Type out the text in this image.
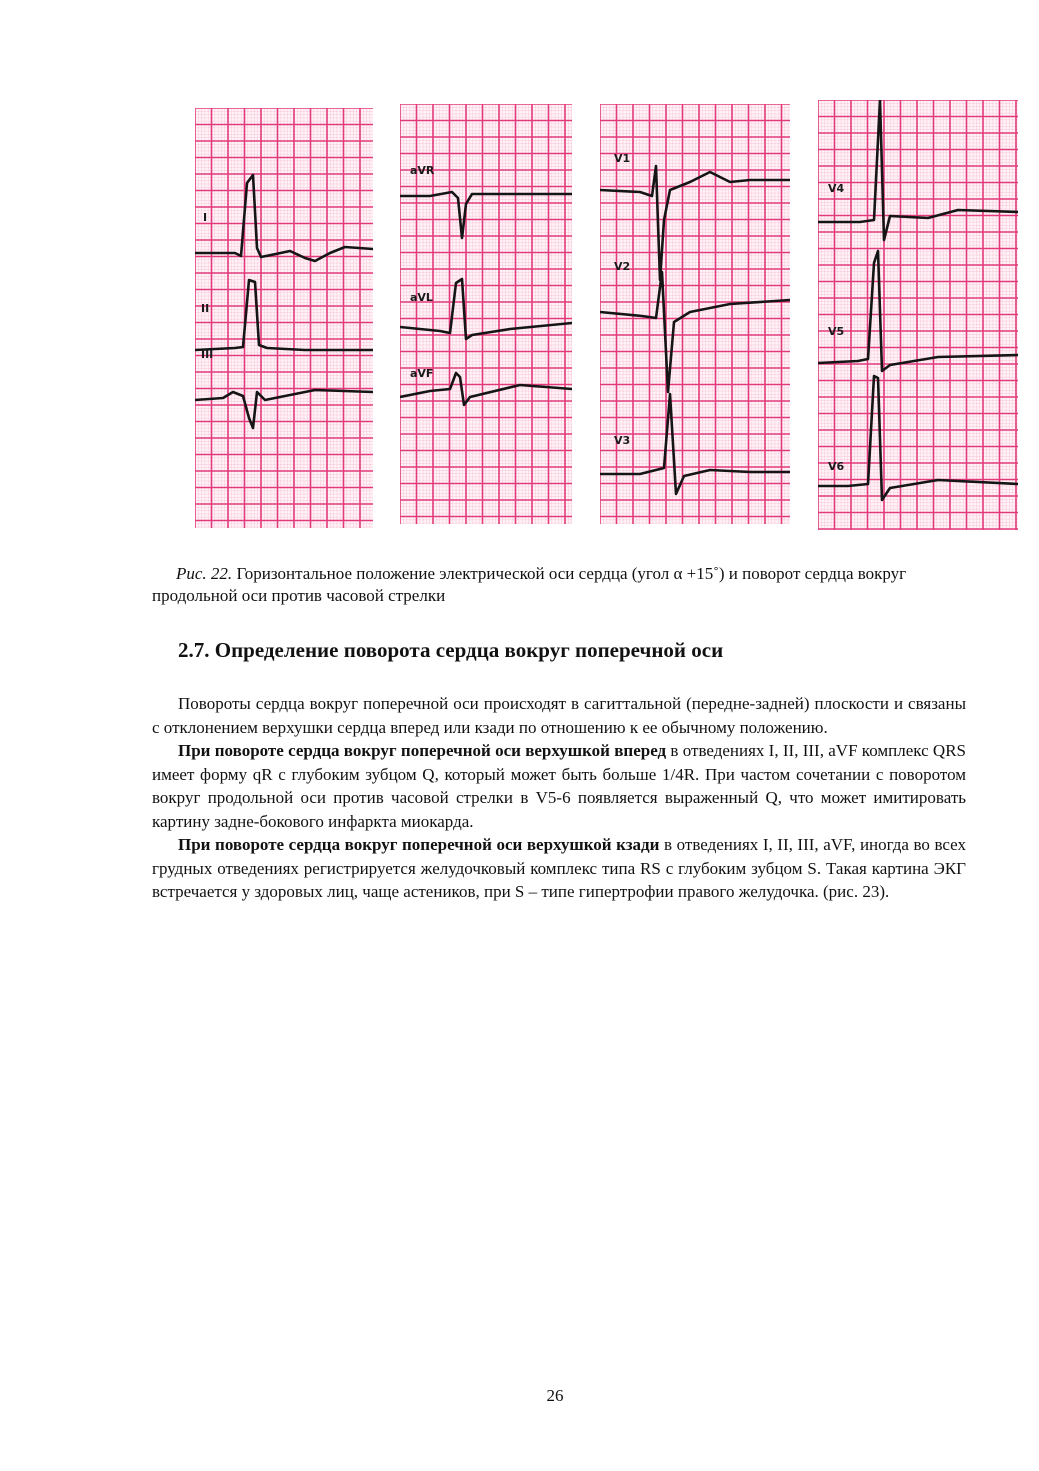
I
II
III
aVR
aVL
aVF
V1
V2
V3
V4
V5
V6

Рис. 22. Горизонтальное положение электрической оси сердца (угол α +15˚) и поворот сердца вокруг продольной оси против часовой стрелки

2.7. Определение поворота сердца вокруг поперечной оси

Повороты сердца вокруг поперечной оси происходят в сагиттальной (передне-задней) плоскости и связаны с отклонением верхушки сердца вперед или кзади по отношению к ее обычному положению.

При повороте сердца вокруг поперечной оси верхушкой вперед в отведениях I, II, III, aVF комплекс QRS имеет форму qR с глубоким зубцом Q, который может быть больше 1/4R. При частом сочетании с поворотом вокруг продольной оси против часовой стрелки в V5-6 появляется выраженный Q, что может имитировать картину задне-бокового инфаркта миокарда.

При повороте сердца вокруг поперечной оси верхушкой кзади в отведениях I, II, III, aVF, иногда во всех грудных отведениях регистрируется желудочковый комплекс типа RS с глубоким зубцом S. Такая картина ЭКГ встречается у здоровых лиц, чаще астеников, при S – типе гипертрофии правого желудочка. (рис. 23).

26
